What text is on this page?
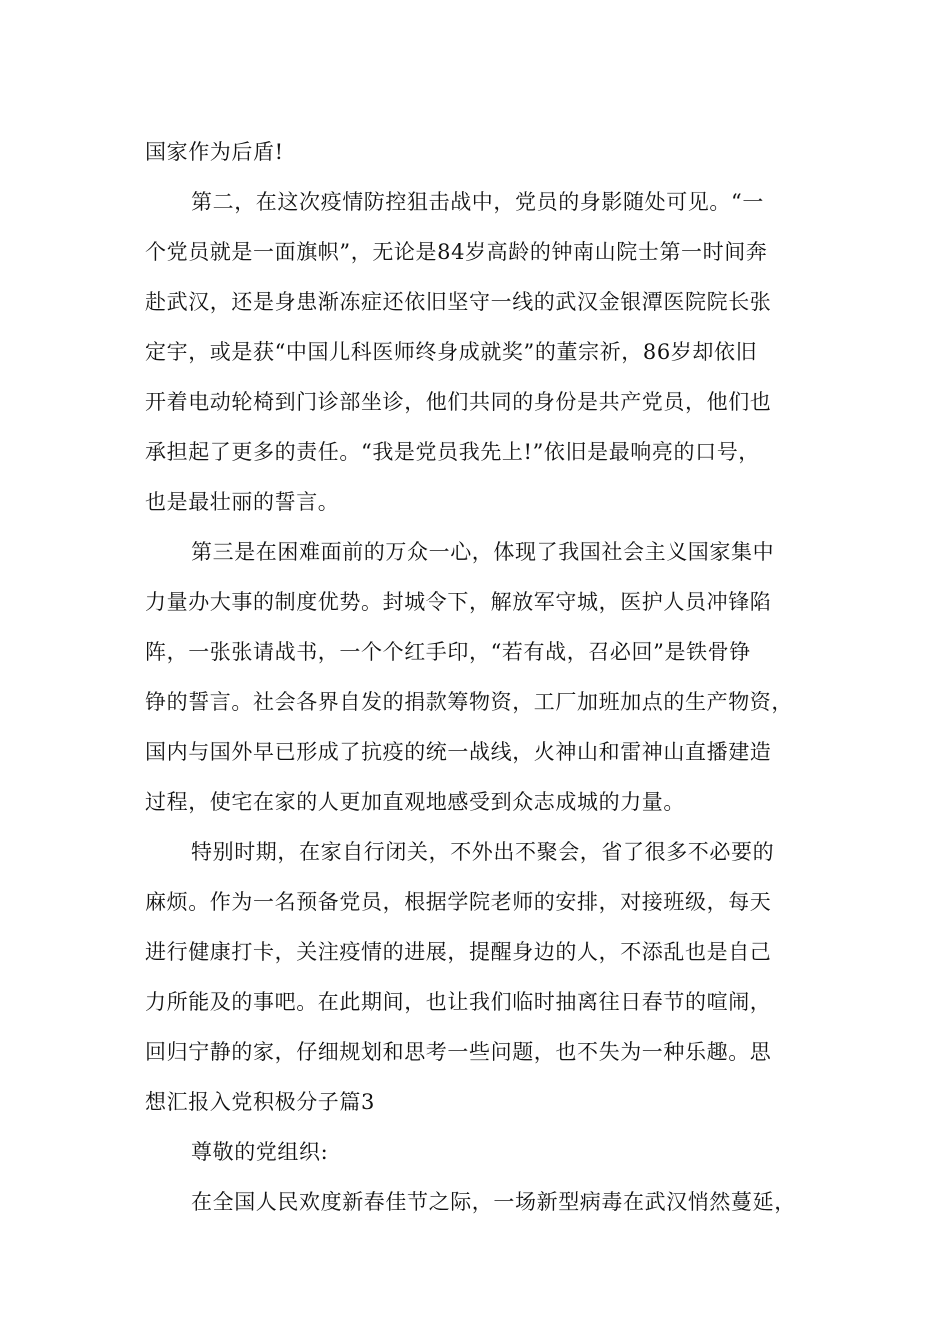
国家作为后盾!
第二，在这次疫情防控狙击战中，党员的身影随处可见。“一
个党员就是一面旗帜”，无论是84岁高龄的钟南山院士第一时间奔
赴武汉，还是身患渐冻症还依旧坚守一线的武汉金银潭医院院长张
定宇，或是获“中国儿科医师终身成就奖”的董宗祈，86岁却依旧
开着电动轮椅到门诊部坐诊，他们共同的身份是共产党员，他们也
承担起了更多的责任。“我是党员我先上!”依旧是最响亮的口号，
也是最壮丽的誓言。
第三是在困难面前的万众一心，体现了我国社会主义国家集中
力量办大事的制度优势。封城令下，解放军守城，医护人员冲锋陷
阵，一张张请战书，一个个红手印，“若有战，召必回”是铁骨铮
铮的誓言。社会各界自发的捐款筹物资，工厂加班加点的生产物资，
国内与国外早已形成了抗疫的统一战线，火神山和雷神山直播建造
过程，使宅在家的人更加直观地感受到众志成城的力量。
特别时期，在家自行闭关，不外出不聚会，省了很多不必要的
麻烦。作为一名预备党员，根据学院老师的安排，对接班级，每天
进行健康打卡，关注疫情的进展，提醒身边的人，不添乱也是自己
力所能及的事吧。在此期间，也让我们临时抽离往日春节的喧闹，
回归宁静的家，仔细规划和思考一些问题，也不失为一种乐趣。思
想汇报入党积极分子篇3
尊敬的党组织:
在全国人民欢度新春佳节之际，一场新型病毒在武汉悄然蔓延，
